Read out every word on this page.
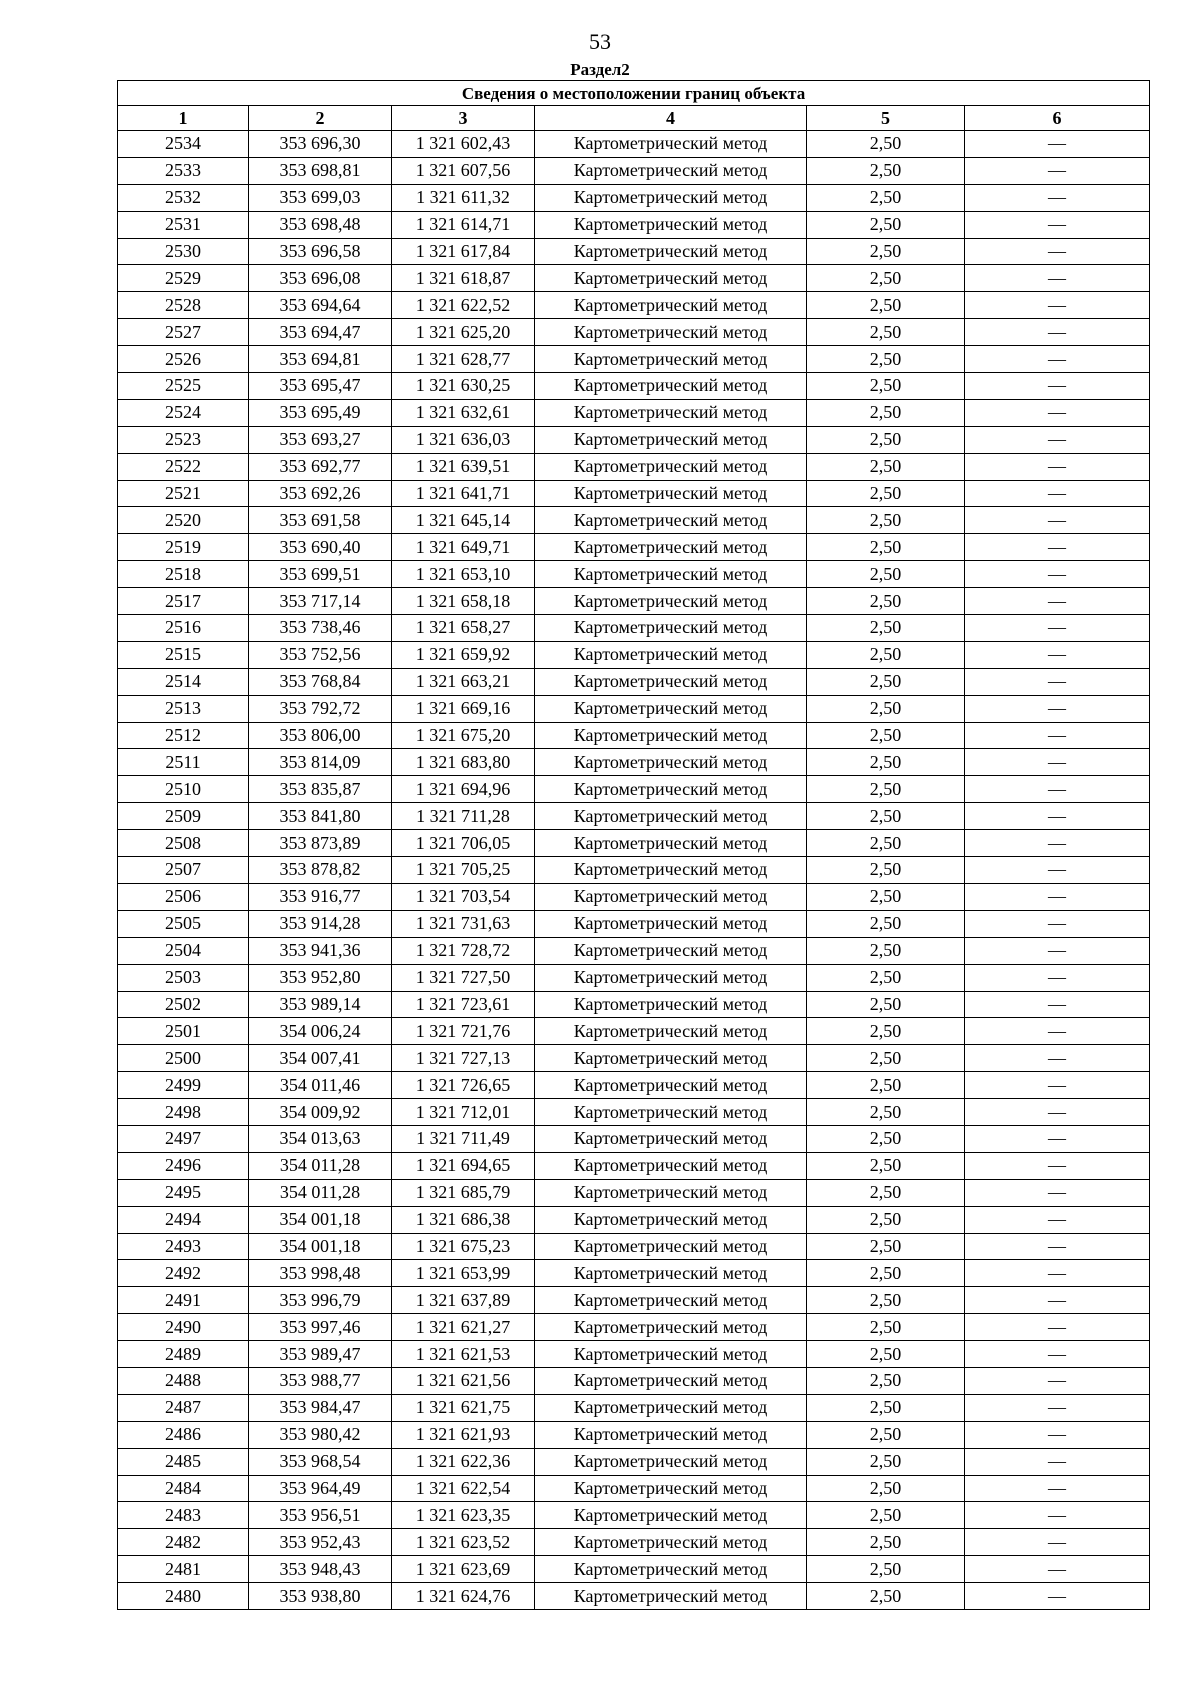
53
Раздел2
Сведения о местоположении границ объекта					
1	2	3	4	5	6
2534	353 696,30	1 321 602,43	Картометрический метод	2,50	—
2533	353 698,81	1 321 607,56	Картометрический метод	2,50	—
2532	353 699,03	1 321 611,32	Картометрический метод	2,50	—
2531	353 698,48	1 321 614,71	Картометрический метод	2,50	—
2530	353 696,58	1 321 617,84	Картометрический метод	2,50	—
2529	353 696,08	1 321 618,87	Картометрический метод	2,50	—
2528	353 694,64	1 321 622,52	Картометрический метод	2,50	—
2527	353 694,47	1 321 625,20	Картометрический метод	2,50	—
2526	353 694,81	1 321 628,77	Картометрический метод	2,50	—
2525	353 695,47	1 321 630,25	Картометрический метод	2,50	—
2524	353 695,49	1 321 632,61	Картометрический метод	2,50	—
2523	353 693,27	1 321 636,03	Картометрический метод	2,50	—
2522	353 692,77	1 321 639,51	Картометрический метод	2,50	—
2521	353 692,26	1 321 641,71	Картометрический метод	2,50	—
2520	353 691,58	1 321 645,14	Картометрический метод	2,50	—
2519	353 690,40	1 321 649,71	Картометрический метод	2,50	—
2518	353 699,51	1 321 653,10	Картометрический метод	2,50	—
2517	353 717,14	1 321 658,18	Картометрический метод	2,50	—
2516	353 738,46	1 321 658,27	Картометрический метод	2,50	—
2515	353 752,56	1 321 659,92	Картометрический метод	2,50	—
2514	353 768,84	1 321 663,21	Картометрический метод	2,50	—
2513	353 792,72	1 321 669,16	Картометрический метод	2,50	—
2512	353 806,00	1 321 675,20	Картометрический метод	2,50	—
2511	353 814,09	1 321 683,80	Картометрический метод	2,50	—
2510	353 835,87	1 321 694,96	Картометрический метод	2,50	—
2509	353 841,80	1 321 711,28	Картометрический метод	2,50	—
2508	353 873,89	1 321 706,05	Картометрический метод	2,50	—
2507	353 878,82	1 321 705,25	Картометрический метод	2,50	—
2506	353 916,77	1 321 703,54	Картометрический метод	2,50	—
2505	353 914,28	1 321 731,63	Картометрический метод	2,50	—
2504	353 941,36	1 321 728,72	Картометрический метод	2,50	—
2503	353 952,80	1 321 727,50	Картометрический метод	2,50	—
2502	353 989,14	1 321 723,61	Картометрический метод	2,50	—
2501	354 006,24	1 321 721,76	Картометрический метод	2,50	—
2500	354 007,41	1 321 727,13	Картометрический метод	2,50	—
2499	354 011,46	1 321 726,65	Картометрический метод	2,50	—
2498	354 009,92	1 321 712,01	Картометрический метод	2,50	—
2497	354 013,63	1 321 711,49	Картометрический метод	2,50	—
2496	354 011,28	1 321 694,65	Картометрический метод	2,50	—
2495	354 011,28	1 321 685,79	Картометрический метод	2,50	—
2494	354 001,18	1 321 686,38	Картометрический метод	2,50	—
2493	354 001,18	1 321 675,23	Картометрический метод	2,50	—
2492	353 998,48	1 321 653,99	Картометрический метод	2,50	—
2491	353 996,79	1 321 637,89	Картометрический метод	2,50	—
2490	353 997,46	1 321 621,27	Картометрический метод	2,50	—
2489	353 989,47	1 321 621,53	Картометрический метод	2,50	—
2488	353 988,77	1 321 621,56	Картометрический метод	2,50	—
2487	353 984,47	1 321 621,75	Картометрический метод	2,50	—
2486	353 980,42	1 321 621,93	Картометрический метод	2,50	—
2485	353 968,54	1 321 622,36	Картометрический метод	2,50	—
2484	353 964,49	1 321 622,54	Картометрический метод	2,50	—
2483	353 956,51	1 321 623,35	Картометрический метод	2,50	—
2482	353 952,43	1 321 623,52	Картометрический метод	2,50	—
2481	353 948,43	1 321 623,69	Картометрический метод	2,50	—
2480	353 938,80	1 321 624,76	Картометрический метод	2,50	—
